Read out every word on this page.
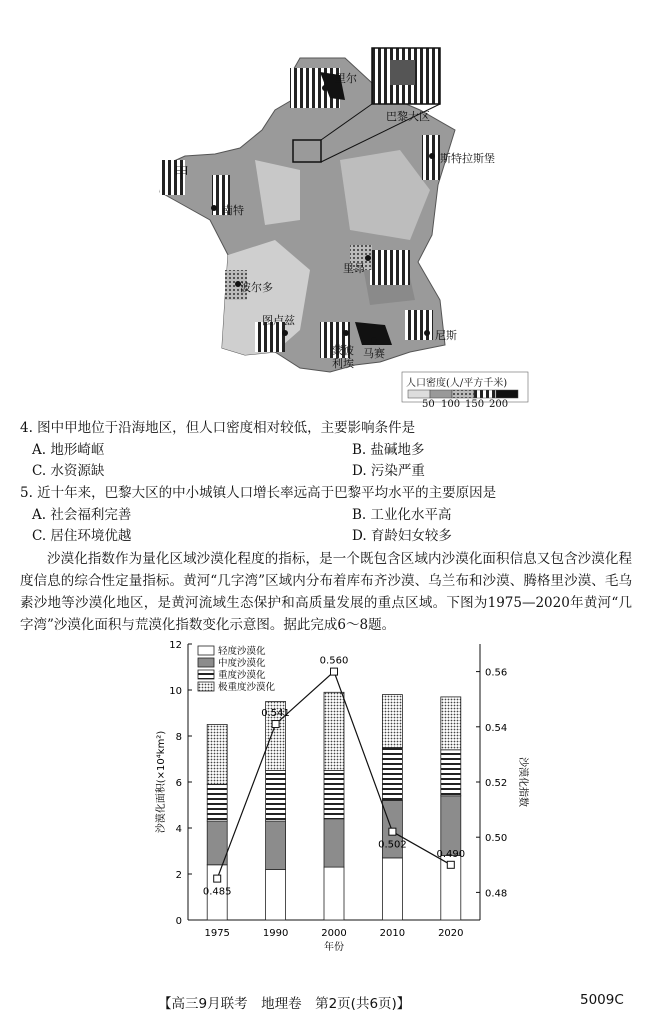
甲
里尔
巴黎大区
斯特拉斯堡
南特
里昂
波尔多
图卢兹
蒙彼利埃
马赛
尼斯
人口密度(人/平方千米)
50 100 150 200
4. 图中甲地位于沿海地区，但人口密度相对较低，主要影响条件是
A. 地形崎岖	B. 盐碱地多
C. 水资源缺	D. 污染严重
5. 近十年来，巴黎大区的中小城镇人口增长率远高于巴黎平均水平的主要原因是
A. 社会福利完善	B. 工业化水平高
C. 居住环境优越	D. 育龄妇女较多
沙漠化指数作为量化区域沙漠化程度的指标，是一个既包含区域内沙漠化面积信息又包含沙漠化程度信息的综合性定量指标。黄河“几字湾”区域内分布着库布齐沙漠、乌兰布和沙漠、腾格里沙漠、毛乌素沙地等沙漠化地区，是黄河流域生态保护和高质量发展的重点区域。下图为1975—2020年黄河“几字湾”沙漠化面积与荒漠化指数变化示意图。据此完成6～8题。
0
2
4
6
8
10
12
0.48
0.50
0.52
0.54
0.56
1975	1990	2000	2010	2020
0.485
0.541
0.560
0.502
0.490
轻度沙漠化
中度沙漠化
重度沙漠化
极重度沙漠化
年份
沙漠化面积(×10⁴km²)	沙漠化指数
【高三9月联考　地理卷　第2页(共6页)】	5009C
